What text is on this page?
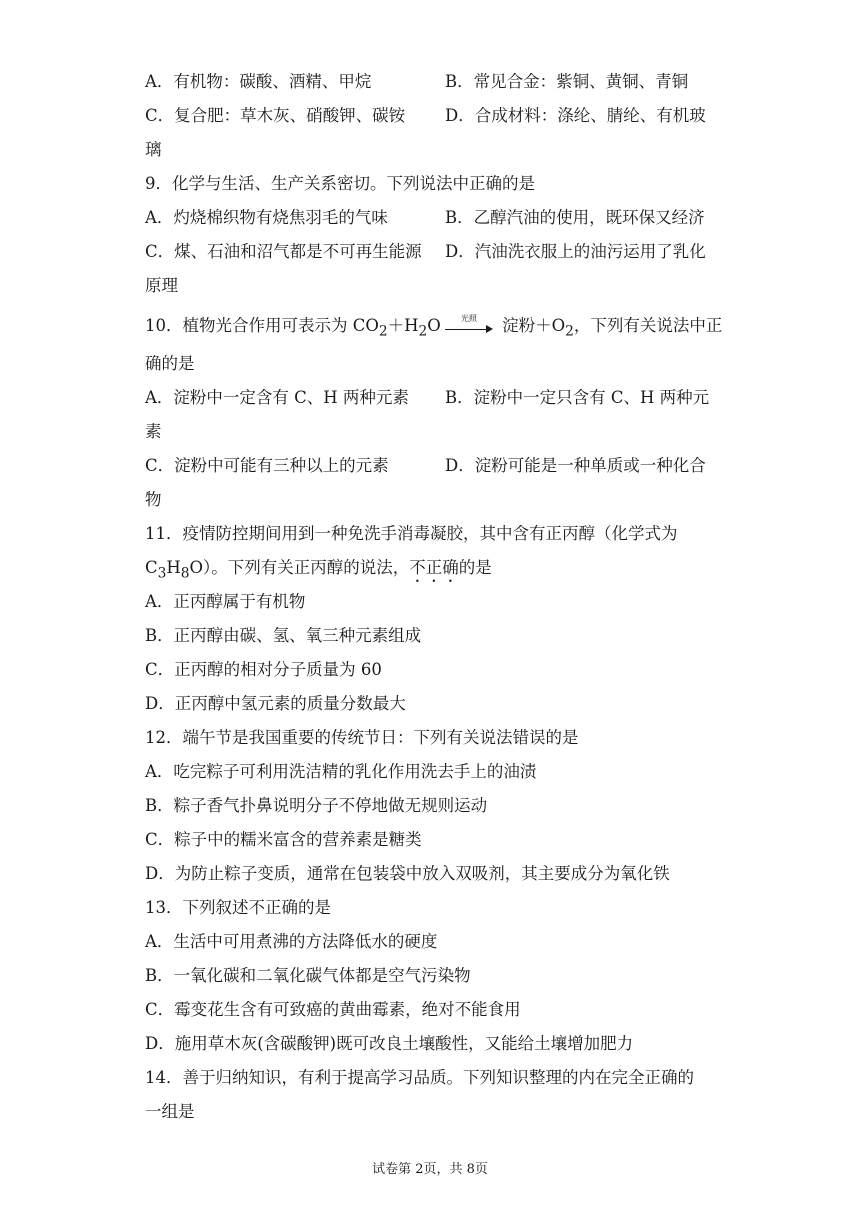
A．有机物：碳酸、酒精、甲烷	B．常见合金：紫铜、黄铜、青铜
C．复合肥：草木灰、硝酸钾、碳铵 D．合成材料：涤纶、腈纶、有机玻
璃
9．化学与生活、生产关系密切。下列说法中正确的是
A．灼烧棉织物有烧焦羽毛的气味	B．乙醇汽油的使用，既环保又经济
C．煤、石油和沼气都是不可再生能源 D．汽油洗衣服上的油污运用了乳化
原理
10．植物光合作用可表示为 $CO_2+H_2O$	光照	淀粉$+O_2$，下列有关说法中正
确的是
A．淀粉中一定含有 C、H 两种元素 B．淀粉中一定只含有 C、H 两种元
素
C．淀粉中可能有三种以上的元素	D．淀粉可能是一种单质或一种化合
物
11．疫情防控期间用到一种免洗手消毒凝胶，其中含有正丙醇（化学式为
$C_3H_8O$）。下列有关正丙醇的说法，不正确的是
A．正丙醇属于有机物
B．正丙醇由碳、氢、氧三种元素组成
C．正丙醇的相对分子质量为 60
D．正丙醇中氢元素的质量分数最大
12．端午节是我国重要的传统节日：下列有关说法错误的是
A．吃完粽子可利用洗洁精的乳化作用洗去手上的油渍
B．粽子香气扑鼻说明分子不停地做无规则运动
C．粽子中的糯米富含的营养素是糖类
D．为防止粽子变质，通常在包装袋中放入双吸剂，其主要成分为氧化铁
13．下列叙述不正确的是
A．生活中可用煮沸的方法降低水的硬度
B．一氧化碳和二氧化碳气体都是空气污染物
C．霉变花生含有可致癌的黄曲霉素，绝对不能食用
D．施用草木灰(含碳酸钾)既可改良土壤酸性，又能给土壤增加肥力
14．善于归纳知识，有利于提高学习品质。下列知识整理的内在完全正确的
一组是
试卷第 2页，共 8页
